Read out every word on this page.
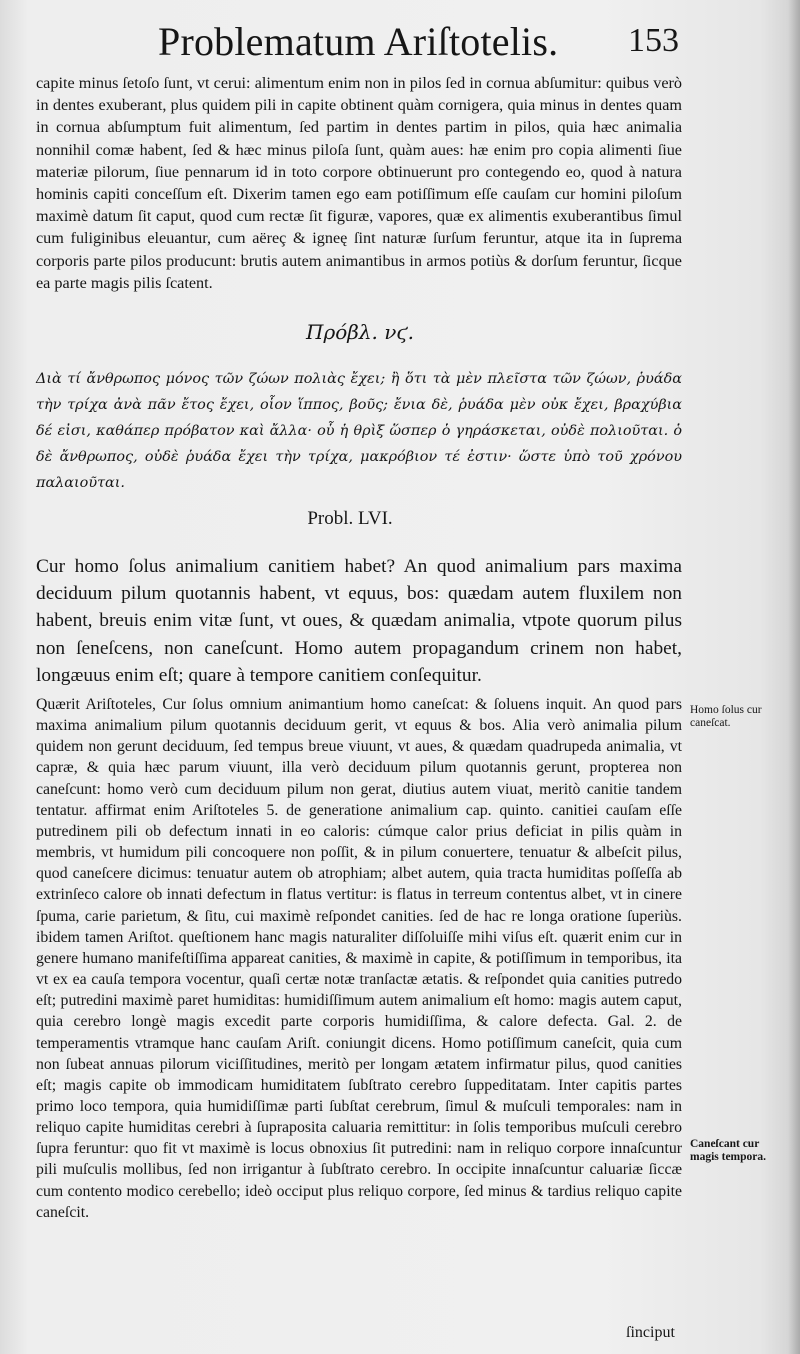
Problematum Ariſtotelis. 153

capite minus ſetoſo ſunt, vt cerui: alimentum enim non in pilos ſed in cornua abſumitur: quibus verò in dentes exuberant, plus quidem pili in capite obtinent quàm cornigera, quia minus in dentes quam in cornua abſumptum fuit alimentum, ſed partim in dentes partim in pilos, quia hæc animalia nonnihil comæ habent, ſed & hæc minus piloſa ſunt, quàm aues: hæ enim pro copia alimenti ſiue materiæ pilorum, ſiue pennarum id in toto corpore obtinuerunt pro contegendo eo, quod à natura hominis capiti conceſſum eſt. Dixerim tamen ego eam potiſſimum eſſe cauſam cur homini piloſum maximè datum ſit caput, quod cum rectæ ſit figuræ, vapores, quæ ex alimentis exuberantibus ſimul cum fuliginibus eleuantur, cum aëreç & igneę ſint naturæ ſurſum feruntur, atque ita in ſuprema corporis parte pilos producunt: brutis autem animantibus in armos potiùs & dorſum feruntur, ſicque ea parte magis pilis ſcatent.

Πρόβλ. νϛ.

Διὰ τί ἄνθρωπος μόνος τῶν ζώων πολιὰς ἔχει; ἢ ὅτι τὰ μὲν πλεῖστα τῶν ζώων, ῥυάδα τὴν τρίχα ἀνὰ πᾶν ἔτος ἔχει, οἷον ἵππος, βοῦς; ἔνια δὲ, ῥυάδα μὲν οὐκ ἔχει, βραχύβια δέ εἰσι, καθάπερ πρόβατον καὶ ἄλλα· οὗ ἡ θρὶξ ὥσπερ ὁ γηράσκεται, οὐδὲ πολιοῦται. ὁ δὲ ἄνθρωπος, οὐδὲ ῥυάδα ἔχει τὴν τρίχα, μακρόβιον τέ ἐστιν· ὥστε ὑπὸ τοῦ χρόνου παλαιοῦται.

Probl. LVI.

Cur homo ſolus animalium canitiem habet? An quod animalium pars maxima deciduum pilum quotannis habent, vt equus, bos: quædam autem fluxilem non habent, breuis enim vitæ ſunt, vt oues, & quædam animalia, vtpote quorum pilus non ſeneſcens, non caneſcunt. Homo autem propagandum crinem non habet, longæuus enim eſt; quare à tempore canitiem conſequitur.

Quærit Ariſtoteles, Cur ſolus omnium animantium homo caneſcat: & ſoluens inquit. An quod pars maxima animalium pilum quotannis deciduum gerit, vt equus & bos. Alia verò animalia pilum quidem non gerunt deciduum, ſed tempus breue viuunt, vt aues, & quædam quadrupeda animalia, vt capræ, & quia hæc parum viuunt, illa verò deciduum pilum quotannis gerunt, propterea non caneſcunt: homo verò cum deciduum pilum non gerat, diutius autem viuat, meritò canitie tandem tentatur. affirmat enim Ariſtoteles 5. de generatione animalium cap. quinto. canitiei cauſam eſſe putredinem pili ob defectum innati in eo caloris: cúmque calor prius deficiat in pilis quàm in membris, vt humidum pili concoquere non poſſit, & in pilum conuertere, tenuatur & albeſcit pilus, quod caneſcere dicimus: tenuatur autem ob atrophiam; albet autem, quia tracta humiditas poſſeſſa ab extrinſeco calore ob innati defectum in flatus vertitur: is flatus in terreum contentus albet, vt in cinere ſpuma, carie parietum, & ſitu, cui maximè reſpondet canities. ſed de hac re longa oratione ſuperiùs. ibidem tamen Ariſtot. queſtionem hanc magis naturaliter diſſoluiſſe mihi viſus eſt. quærit enim cur in genere humano manifeſtiſſima appareat canities, & maximè in capite, & potiſſimum in temporibus, ita vt ex ea cauſa tempora vocentur, quaſi certæ notæ tranſactæ ætatis. & reſpondet quia canities putredo eſt; putredini maximè paret humiditas: humidiſſimum autem animalium eſt homo: magis autem caput, quia cerebro longè magis excedit parte corporis humidiſſima, & calore defecta. Gal. 2. de temperamentis vtramque hanc cauſam Ariſt. coniungit dicens. Homo potiſſimum caneſcit, quia cum non ſubeat annuas pilorum viciſſitudines, meritò per longam ætatem infirmatur pilus, quod canities eſt; magis capite ob immodicam humiditatem ſubſtrato cerebro ſuppeditatam. Inter capitis partes primo loco tempora, quia humidiſſimæ parti ſubſtat cerebrum, ſimul & muſculi temporales: nam in reliquo capite humiditas cerebri à ſupraposita caluaria remittitur: in ſolis temporibus muſculi cerebro ſupra feruntur: quo fit vt maximè is locus obnoxius ſit putredini: nam in reliquo corpore innaſcuntur pili muſculis mollibus, ſed non irrigantur à ſubſtrato cerebro. In occipite innaſcuntur caluariæ ſiccæ cum contento modico cerebello; ideò occiput plus reliquo corpore, ſed minus & tardius reliquo capite caneſcit.

Homo ſolus cur caneſcat.
Caneſcant cur magis tempora.
ſinciput
